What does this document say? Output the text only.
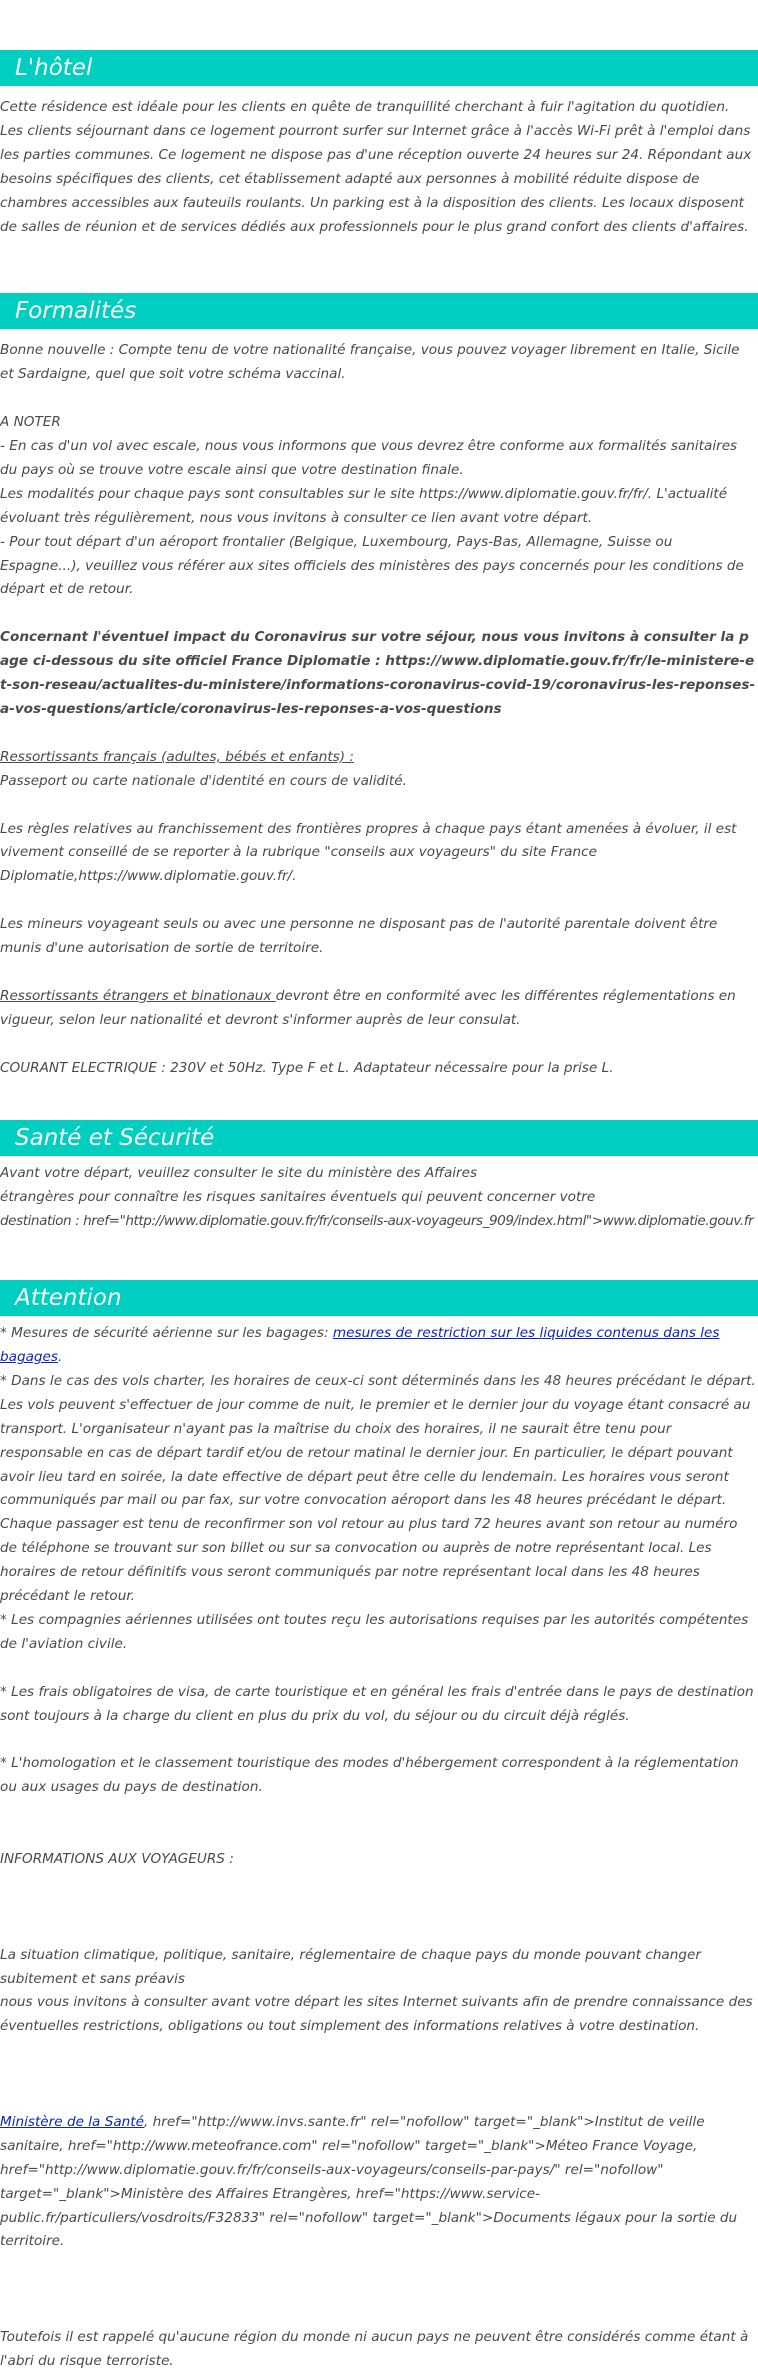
L'hôtel

Cette résidence est idéale pour les clients en quête de tranquillité cherchant à fuir l'agitation du quotidien. Les clients séjournant dans ce logement pourront surfer sur Internet grâce à l'accès Wi-Fi prêt à l'emploi dans les parties communes. Ce logement ne dispose pas d'une réception ouverte 24 heures sur 24. Répondant aux besoins spécifiques des clients, cet établissement adapté aux personnes à mobilité réduite dispose de chambres accessibles aux fauteuils roulants. Un parking est à la disposition des clients. Les locaux disposent de salles de réunion et de services dédiés aux professionnels pour le plus grand confort des clients d'affaires.

Formalités

Bonne nouvelle : Compte tenu de votre nationalité française, vous pouvez voyager librement en Italie, Sicile et Sardaigne, quel que soit votre schéma vaccinal.

A NOTER

- En cas d'un vol avec escale, nous vous informons que vous devrez être conforme aux formalités sanitaires du pays où se trouve votre escale ainsi que votre destination finale.

Les modalités pour chaque pays sont consultables sur le site https://www.diplomatie.gouv.fr/fr/. L'actualité évoluant très régulièrement, nous vous invitons à consulter ce lien avant votre départ.

- Pour tout départ d'un aéroport frontalier (Belgique, Luxembourg, Pays-Bas, Allemagne, Suisse ou Espagne...), veuillez vous référer aux sites officiels des ministères des pays concernés pour les conditions de départ et de retour.

Concernant l'éventuel impact du Coronavirus sur votre séjour, nous vous invitons à consulter la page ci-dessous du site officiel France Diplomatie : https://www.diplomatie.gouv.fr/fr/le-ministere-et-son-reseau/actualites-du-ministere/informations-coronavirus-covid-19/coronavirus-les-reponses-a-vos-questions/article/coronavirus-les-reponses-a-vos-questions

Ressortissants français (adultes, bébés et enfants) :

Passeport ou carte nationale d'identité en cours de validité.

Les règles relatives au franchissement des frontières propres à chaque pays étant amenées à évoluer, il est vivement conseillé de se reporter à la rubrique "conseils aux voyageurs" du site France Diplomatie,https://www.diplomatie.gouv.fr/.

Les mineurs voyageant seuls ou avec une personne ne disposant pas de l'autorité parentale doivent être munis d'une autorisation de sortie de territoire.

Ressortissants étrangers et binationaux devront être en conformité avec les différentes réglementations en vigueur, selon leur nationalité et devront s'informer auprès de leur consulat.

COURANT ELECTRIQUE : 230V et 50Hz. Type F et L. Adaptateur nécessaire pour la prise L.

Santé et Sécurité

Avant votre départ, veuillez consulter le site du ministère des Affaires

étrangères pour connaître les risques sanitaires éventuels qui peuvent concerner votre

destination : href="http://www.diplomatie.gouv.fr/fr/conseils-aux-voyageurs_909/index.html">www.diplomatie.gouv.fr

Attention

* Mesures de sécurité aérienne sur les bagages: mesures de restriction sur les liquides contenus dans les bagages.

* Dans le cas des vols charter, les horaires de ceux-ci sont déterminés dans les 48 heures précédant le départ. Les vols peuvent s'effectuer de jour comme de nuit, le premier et le dernier jour du voyage étant consacré au transport. L'organisateur n'ayant pas la maîtrise du choix des horaires, il ne saurait être tenu pour responsable en cas de départ tardif et/ou de retour matinal le dernier jour. En particulier, le départ pouvant avoir lieu tard en soirée, la date effective de départ peut être celle du lendemain. Les horaires vous seront communiqués par mail ou par fax, sur votre convocation aéroport dans les 48 heures précédant le départ. Chaque passager est tenu de reconfirmer son vol retour au plus tard 72 heures avant son retour au numéro de téléphone se trouvant sur son billet ou sur sa convocation ou auprès de notre représentant local. Les horaires de retour définitifs vous seront communiqués par notre représentant local dans les 48 heures précédant le retour.

* Les compagnies aériennes utilisées ont toutes reçu les autorisations requises par les autorités compétentes de l'aviation civile.

* Les frais obligatoires de visa, de carte touristique et en général les frais d'entrée dans le pays de destination sont toujours à la charge du client en plus du prix du vol, du séjour ou du circuit déjà réglés.

* L'homologation et le classement touristique des modes d'hébergement correspondent à la réglementation ou aux usages du pays de destination.

INFORMATIONS AUX VOYAGEURS :

La situation climatique, politique, sanitaire, réglementaire de chaque pays du monde pouvant changer subitement et sans préavis

nous vous invitons à consulter avant votre départ les sites Internet suivants afin de prendre connaissance des éventuelles restrictions, obligations ou tout simplement des informations relatives à votre destination.

Ministère de la Santé, href="http://www.invs.sante.fr" rel="nofollow" target="_blank">Institut de veille sanitaire, href="http://www.meteofrance.com" rel="nofollow" target="_blank">Méteo France Voyage, href="http://www.diplomatie.gouv.fr/fr/conseils-aux-voyageurs/conseils-par-pays/" rel="nofollow" target="_blank">Ministère des Affaires Etrangères, href="https://www.service-public.fr/particuliers/vosdroits/F32833" rel="nofollow" target="_blank">Documents légaux pour la sortie du territoire.

Toutefois il est rappelé qu'aucune région du monde ni aucun pays ne peuvent être considérés comme étant à l'abri du risque terroriste.
